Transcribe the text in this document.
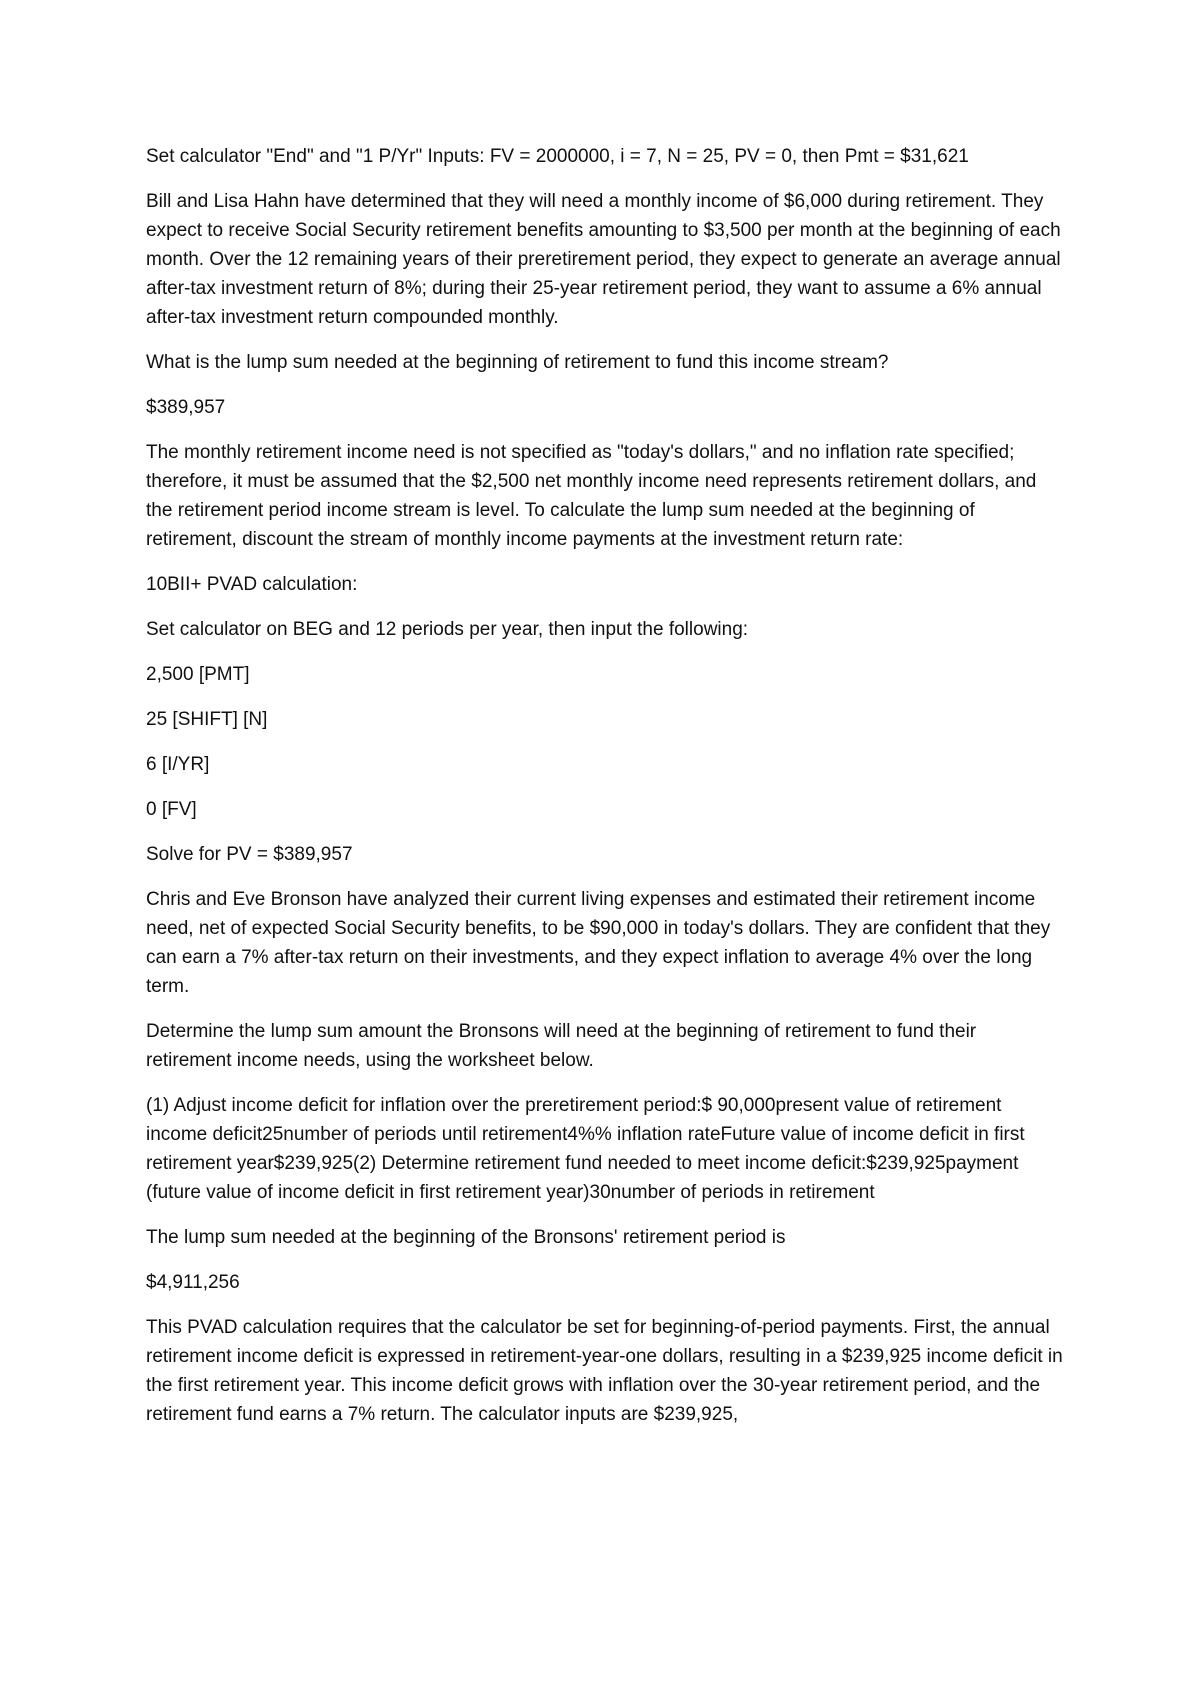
Set calculator "End" and "1 P/Yr" Inputs: FV = 2000000, i = 7, N = 25, PV = 0, then Pmt = $31,621

Bill and Lisa Hahn have determined that they will need a monthly income of $6,000 during retirement. They expect to receive Social Security retirement benefits amounting to $3,500 per month at the beginning of each month. Over the 12 remaining years of their preretirement period, they expect to generate an average annual after-tax investment return of 8%; during their 25-year retirement period, they want to assume a 6% annual after-tax investment return compounded monthly.

What is the lump sum needed at the beginning of retirement to fund this income stream?

$389,957

The monthly retirement income need is not specified as "today's dollars," and no inflation rate specified; therefore, it must be assumed that the $2,500 net monthly income need represents retirement dollars, and the retirement period income stream is level. To calculate the lump sum needed at the beginning of retirement, discount the stream of monthly income payments at the investment return rate:

10BII+ PVAD calculation:

Set calculator on BEG and 12 periods per year, then input the following:

2,500 [PMT]

25 [SHIFT] [N]

6 [I/YR]

0 [FV]

Solve for PV = $389,957

Chris and Eve Bronson have analyzed their current living expenses and estimated their retirement income need, net of expected Social Security benefits, to be $90,000 in today's dollars. They are confident that they can earn a 7% after-tax return on their investments, and they expect inflation to average 4% over the long term.

Determine the lump sum amount the Bronsons will need at the beginning of retirement to fund their retirement income needs, using the worksheet below.

(1) Adjust income deficit for inflation over the preretirement period:$ 90,000present value of retirement income deficit25number of periods until retirement4%% inflation rateFuture value of income deficit in first retirement year$239,925(2) Determine retirement fund needed to meet income deficit:$239,925payment (future value of income deficit in first retirement year)30number of periods in retirement

The lump sum needed at the beginning of the Bronsons' retirement period is

$4,911,256

This PVAD calculation requires that the calculator be set for beginning-of-period payments. First, the annual retirement income deficit is expressed in retirement-year-one dollars, resulting in a $239,925 income deficit in the first retirement year. This income deficit grows with inflation over the 30-year retirement period, and the retirement fund earns a 7% return. The calculator inputs are $239,925,
